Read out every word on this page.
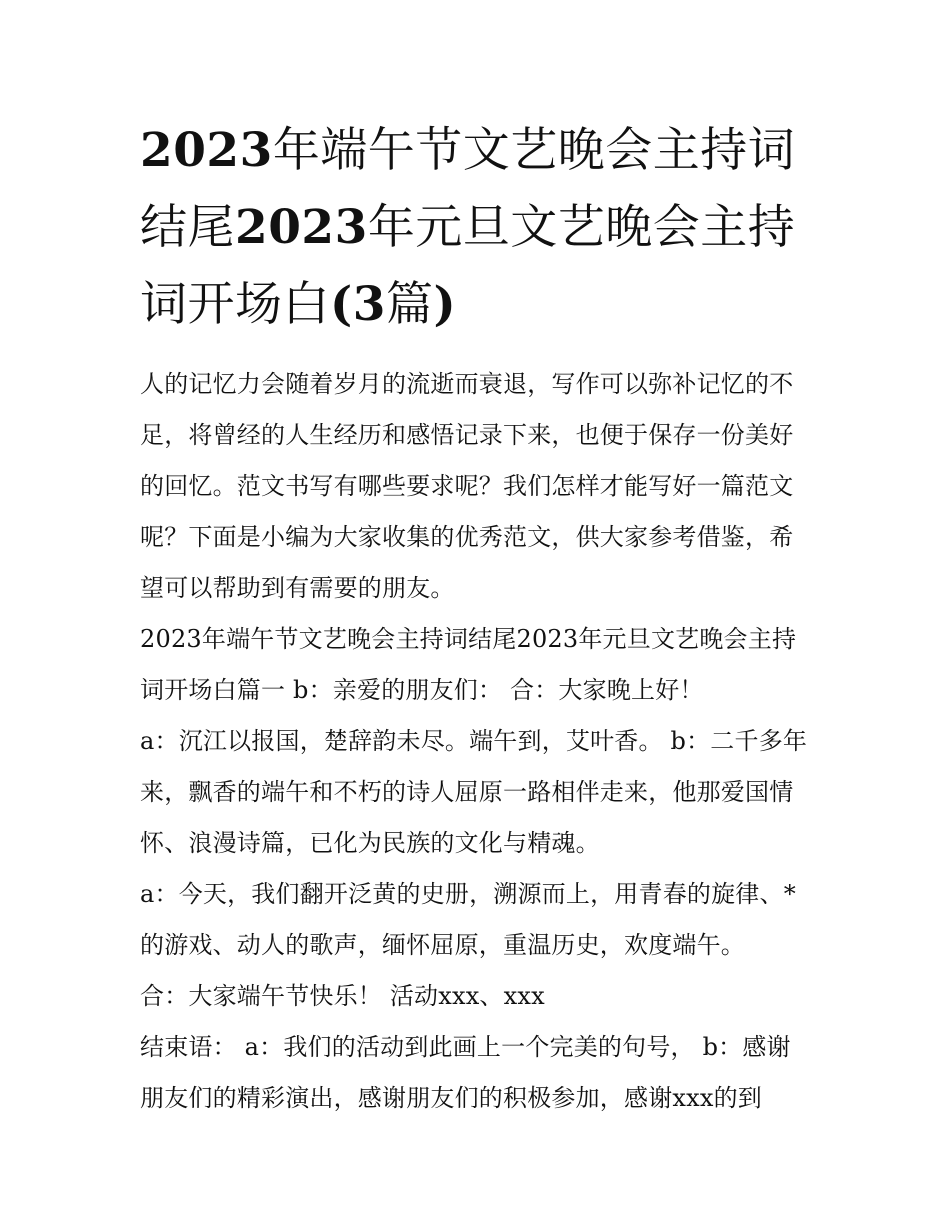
2023年端午节文艺晚会主持词结尾2023年元旦文艺晚会主持词开场白(3篇)

人的记忆力会随着岁月的流逝而衰退，写作可以弥补记忆的不足，将曾经的人生经历和感悟记录下来，也便于保存一份美好的回忆。范文书写有哪些要求呢？我们怎样才能写好一篇范文呢？下面是小编为大家收集的优秀范文，供大家参考借鉴，希望可以帮助到有需要的朋友。

2023年端午节文艺晚会主持词结尾2023年元旦文艺晚会主持词开场白篇一 b：亲爱的朋友们： 合：大家晚上好！

a：沉江以报国，楚辞韵未尽。端午到，艾叶香。 b：二千多年来，飘香的端午和不朽的诗人屈原一路相伴走来，他那爱国情怀、浪漫诗篇，已化为民族的文化与精魂。

a：今天，我们翻开泛黄的史册，溯源而上，用青春的旋律、*的游戏、动人的歌声，缅怀屈原，重温历史，欢度端午。

合：大家端午节快乐！ 活动xxx、xxx

结束语： a：我们的活动到此画上一个完美的句号， b：感谢朋友们的精彩演出，感谢朋友们的积极参加，感谢xxx的到
